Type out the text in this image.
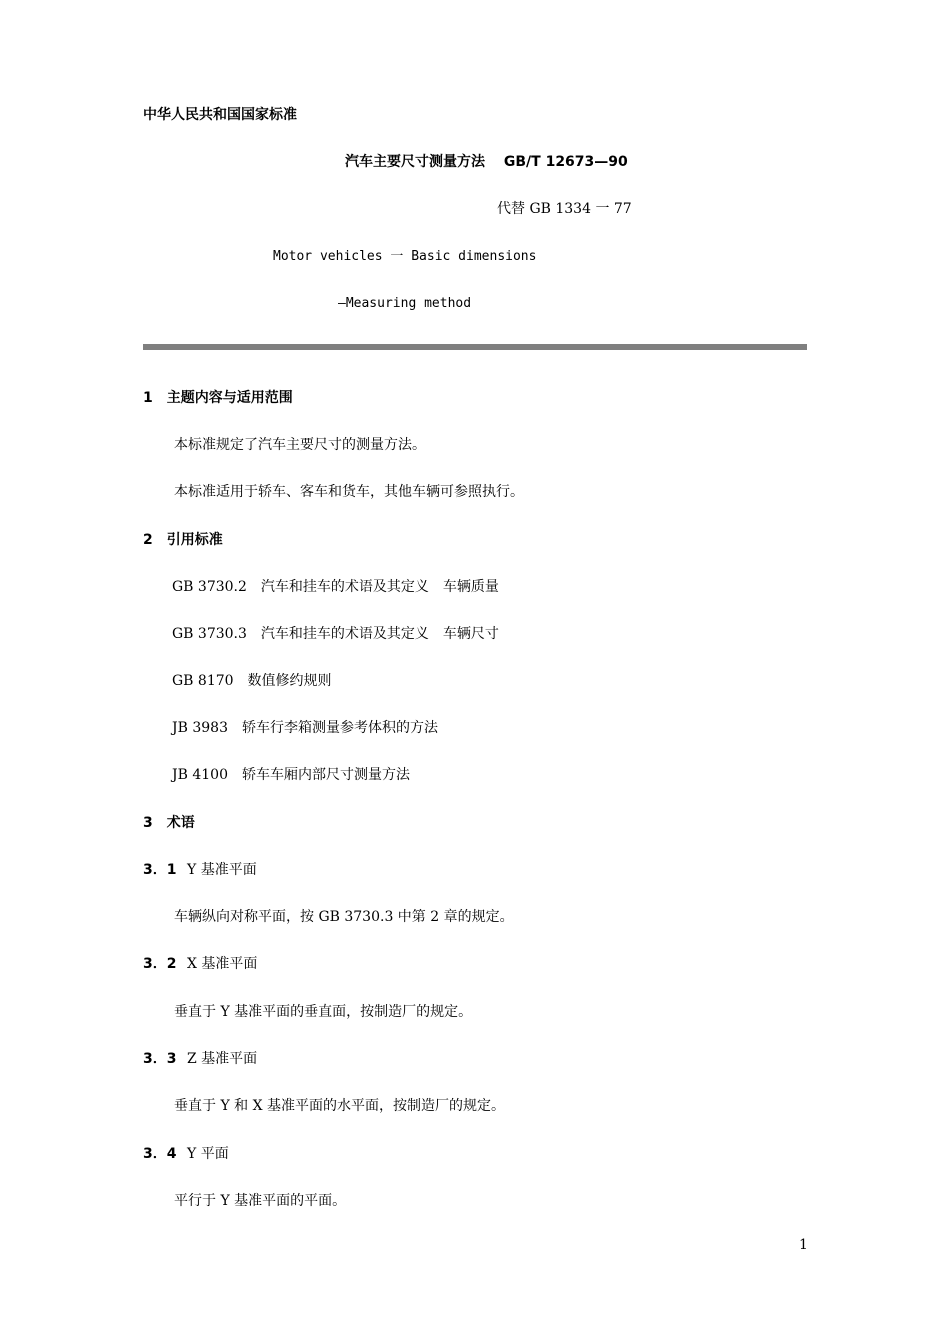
中华人民共和国国家标准
汽车主要尺寸测量方法　 GB/T 12673—90
代替 GB 1334 一 77
Motor vehicles 一 Basic dimensions
—Measuring method
1　主题内容与适用范围
本标准规定了汽车主要尺寸的测量方法。
本标准适用于轿车、客车和货车，其他车辆可参照执行。
2　引用标准
GB 3730.2　汽车和挂车的术语及其定义　车辆质量
GB 3730.3　汽车和挂车的术语及其定义　车辆尺寸
GB 8170　数值修约规则
JB 3983　轿车行李箱测量参考体积的方法
JB 4100　轿车车厢内部尺寸测量方法
3　术语
3．1 Y 基准平面
车辆纵向对称平面，按 GB 3730.3 中第 2 章的规定。
3．2 X 基准平面
垂直于 Y 基准平面的垂直面，按制造厂的规定。
3．3 Z 基准平面
垂直于 Y 和 X 基准平面的水平面，按制造厂的规定。
3．4 Y 平面
平行于 Y 基准平面的平面。
1
